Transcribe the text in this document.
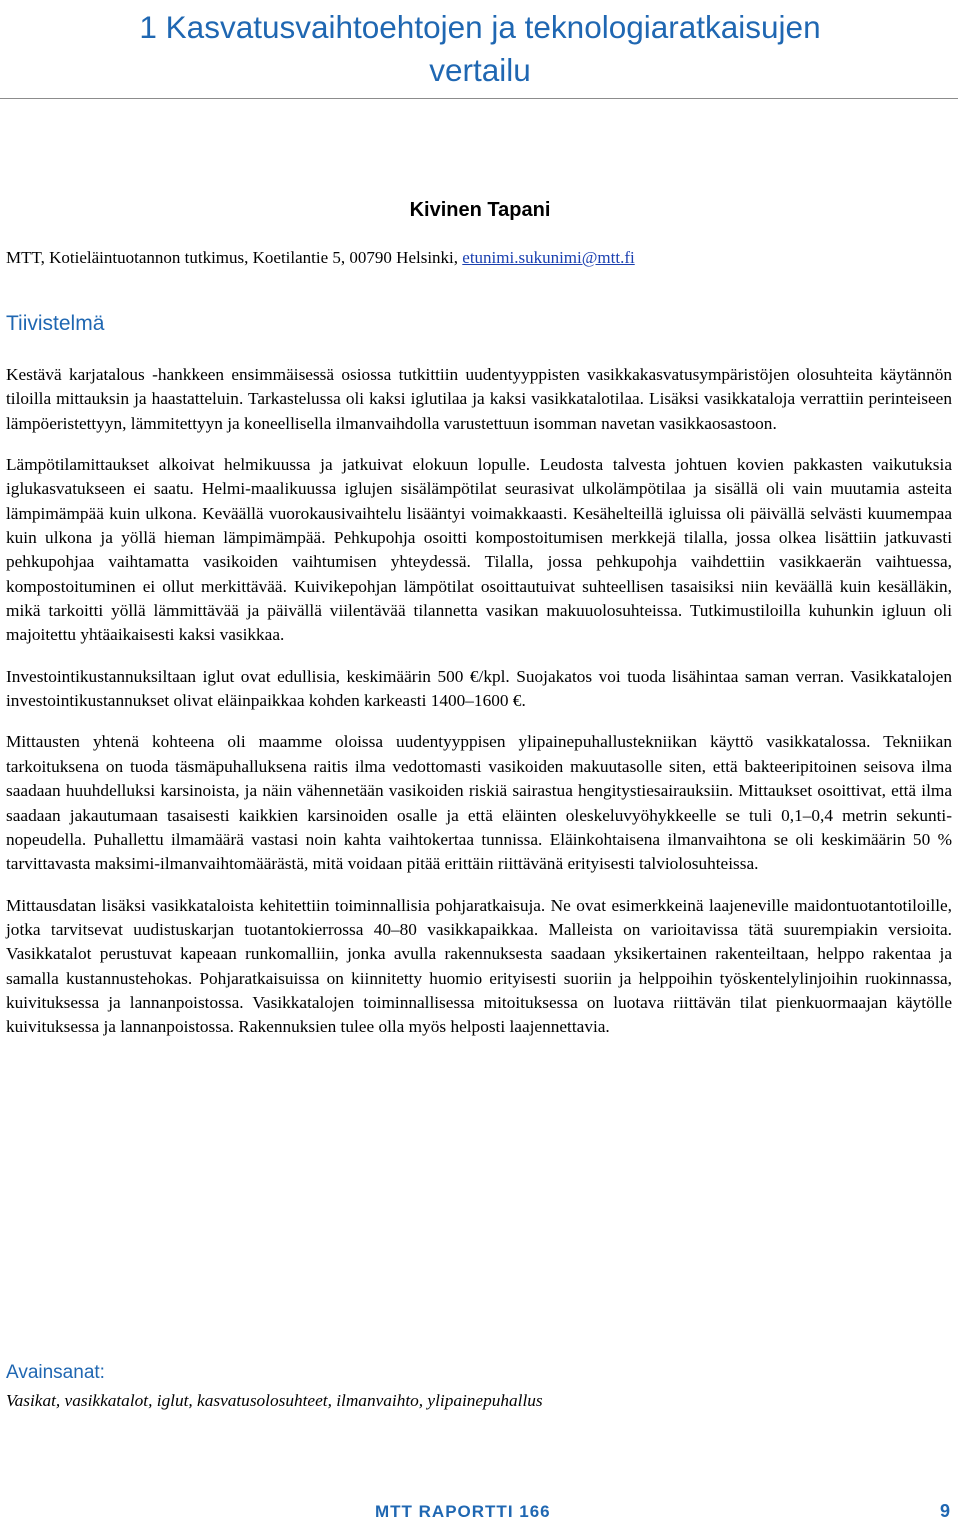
1 Kasvatusvaihtoehtojen ja teknologiaratkaisujen
vertailu
Kivinen Tapani
MTT, Kotieläintuotannon tutkimus, Koetilantie 5, 00790 Helsinki, etunimi.sukunimi@mtt.fi
Tiivistelmä

Kestävä karjatalous -hankkeen ensimmäisessä osiossa tutkittiin uudentyyppisten vasikkakasvatusympäristöjen olosuhteita käytännön tiloilla mittauksin ja haastatteluin. Tarkastelussa oli kaksi iglutilaa ja kaksi vasikkatalotilaa. Lisäksi vasikkataloja verrattiin perinteiseen lämpöeristettyyn, lämmitettyyn ja koneellisella ilmanvaihdolla varustettuun isomman navetan vasikkaosastoon.

Lämpötilamittaukset alkoivat helmikuussa ja jatkuivat elokuun lopulle. Leudosta talvesta johtuen kovien pakkasten vaikutuksia iglukasvatukseen ei saatu. Helmi-maalikuussa iglujen sisälämpötilat seurasivat ulkolämpötilaa ja sisällä oli vain muutamia asteita lämpimämpää kuin ulkona. Keväällä vuorokausivaihtelu lisääntyi voimakkaasti. Kesähelteillä igluissa oli päivällä selvästi kuumempaa kuin ulkona ja yöllä hieman lämpimämpää. Pehkupohja osoitti kompostoitumisen merkkejä tilalla, jossa olkea lisättiin jatkuvasti pehkupohjaa vaihtamatta vasikoiden vaihtumisen yhteydessä. Tilalla, jossa pehkupohja vaihdettiin vasikkaerän vaihtuessa, kompostoituminen ei ollut merkittävää. Kuivikepohjan lämpötilat osoittautuivat suhteellisen tasaisiksi niin keväällä kuin kesälläkin, mikä tarkoitti yöllä lämmittävää ja päivällä viilentävää tilannetta vasikan makuuolosuhteissa. Tutkimustiloilla kuhunkin igluun oli majoitettu yhtäaikaisesti kaksi vasikkaa.

Investointikustannuksiltaan iglut ovat edullisia, keskimäärin 500 €/kpl. Suojakatos voi tuoda lisähintaa saman verran. Vasikkatalojen investointikustannukset olivat eläinpaikkaa kohden karkeasti 1400–1600 €.

Mittausten yhtenä kohteena oli maamme oloissa uudentyyppisen ylipainepuhallustekniikan käyttö vasikkatalossa. Tekniikan tarkoituksena on tuoda täsmäpuhalluksena raitis ilma vedottomasti vasikoiden makuutasolle siten, että bakteeripitoinen seisova ilma saadaan huuhdelluksi karsinoista, ja näin vähennetään vasikoiden riskiä sairastua hengitystiesairauksiin. Mittaukset osoittivat, että ilma saadaan jakautumaan tasaisesti kaikkien karsinoiden osalle ja että eläinten oleskeluvyöhykkeelle se tuli 0,1–0,4 metrin sekuntinopeudella. Puhallettu ilmamäärä vastasi noin kahta vaihtokertaa tunnissa. Eläinkohtaisena ilmanvaihtona se oli keskimäärin 50 % tarvittavasta maksimi-ilmanvaihtomäärästä, mitä voidaan pitää erittäin riittävänä erityisesti talviolosuhteissa.

Mittausdatan lisäksi vasikkataloista kehitettiin toiminnallisia pohjaratkaisuja. Ne ovat esimerkkeinä laajeneville maidontuotantotiloille, jotka tarvitsevat uudistuskarjan tuotantokierrossa 40–80 vasikkapaikkaa. Malleista on varioitavissa tätä suurempiakin versioita. Vasikkatalot perustuvat kapeaan runkomalliin, jonka avulla rakennuksesta saadaan yksikertainen rakenteiltaan, helppo rakentaa ja samalla kustannustehokas. Pohjaratkaisuissa on kiinnitetty huomio erityisesti suoriin ja helppoihin työskentelylinjoihin ruokinnassa, kuivituksessa ja lannanpoistossa. Vasikkatalojen toiminnallisessa mitoituksessa on luotava riittävän tilat pienkuormaajan käytölle kuivituksessa ja lannanpoistossa. Rakennuksien tulee olla myös helposti laajennettavia.

Avainsanat:
Vasikat, vasikkatalot, iglut, kasvatusolosuhteet, ilmanvaihto, ylipainepuhallus
MTT RAPORTTI 166	9
